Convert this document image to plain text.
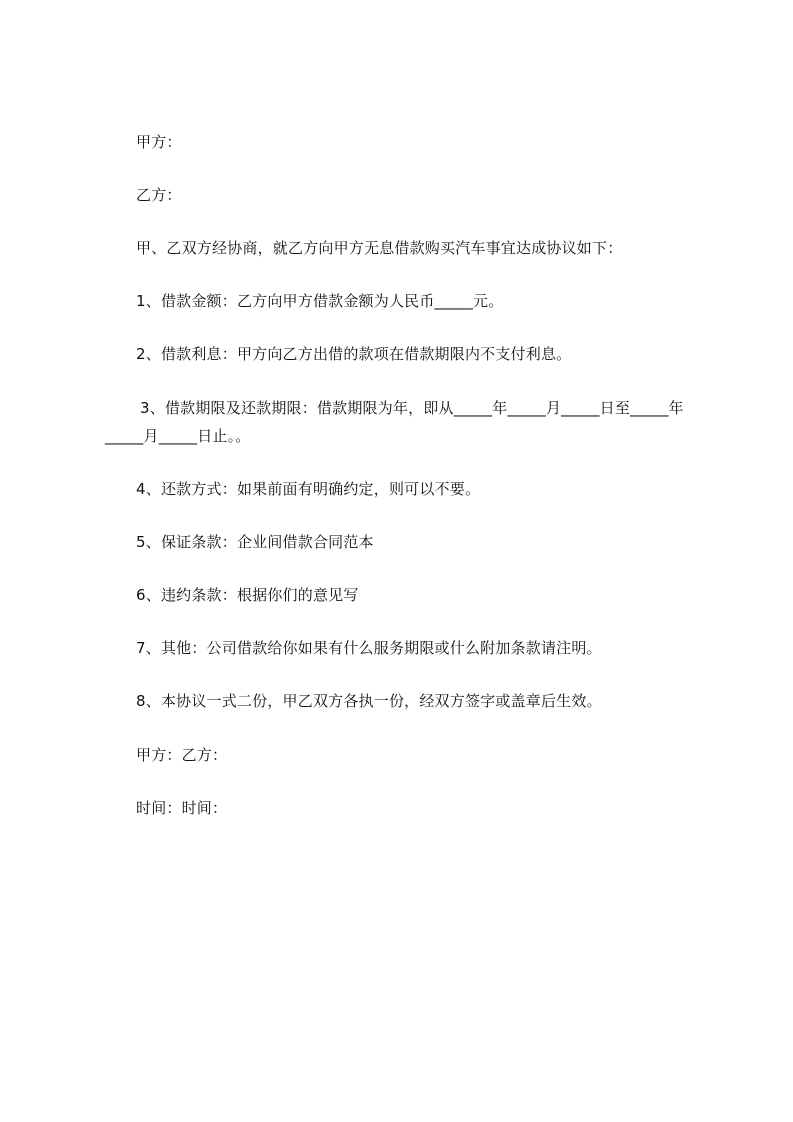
甲方：

乙方：

甲、乙双方经协商，就乙方向甲方无息借款购买汽车事宜达成协议如下：

1、借款金额：乙方向甲方借款金额为人民币_____元。

2、借款利息：甲方向乙方出借的款项在借款期限内不支付利息。

3、借款期限及还款期限：借款期限为年，即从_____年_____月_____日至_____年

_____月_____日止。。

4、还款方式：如果前面有明确约定，则可以不要。

5、保证条款：企业间借款合同范本

6、违约条款：根据你们的意见写

7、其他：公司借款给你如果有什么服务期限或什么附加条款请注明。

8、本协议一式二份，甲乙双方各执一份，经双方签字或盖章后生效。

甲方：乙方：

时间：时间：
